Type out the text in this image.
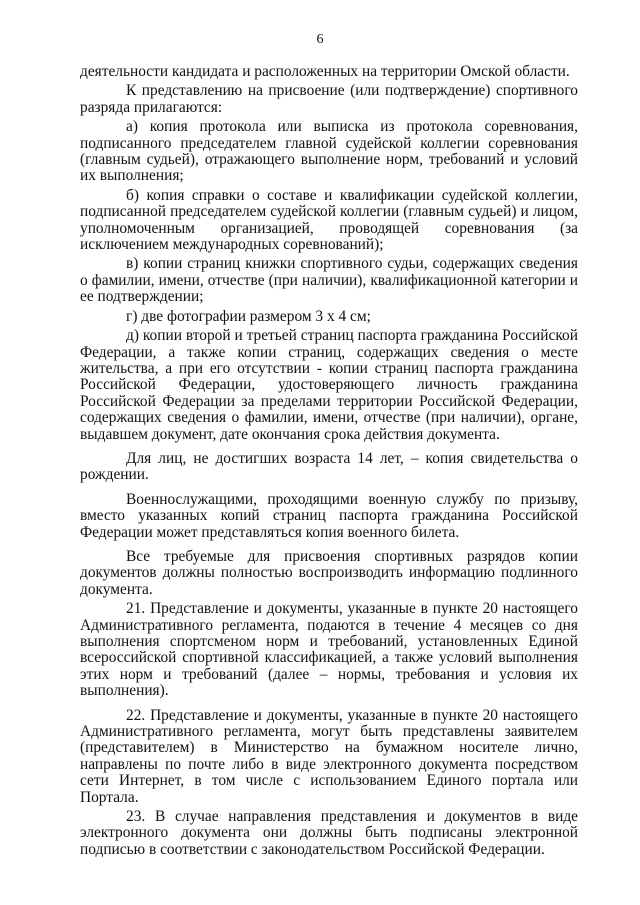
6

деятельности кандидата и расположенных на территории Омской области.

К представлению на присвоение (или подтверждение) спортивного разряда прилагаются:

а) копия протокола или выписка из протокола соревнования, подписанного председателем главной судейской коллегии соревнования (главным судьей), отражающего выполнение норм, требований и условий их выполнения;

б) копия справки о составе и квалификации судейской коллегии, подписанной председателем судейской коллегии (главным судьей) и лицом, уполномоченным организацией, проводящей соревнования (за исключением международных соревнований);

в) копии страниц книжки спортивного судьи, содержащих сведения о фамилии, имени, отчестве (при наличии), квалификационной категории и ее подтверждении;

г) две фотографии размером 3 х 4 см;

д) копии второй и третьей страниц паспорта гражданина Российской Федерации, а также копии страниц, содержащих сведения о месте жительства, а при его отсутствии - копии страниц паспорта гражданина Российской Федерации, удостоверяющего личность гражданина Российской Федерации за пределами территории Российской Федерации, содержащих сведения о фамилии, имени, отчестве (при наличии), органе, выдавшем документ, дате окончания срока действия документа.

Для лиц, не достигших возраста 14 лет, – копия свидетельства о рождении.

Военнослужащими, проходящими военную службу по призыву, вместо указанных копий страниц паспорта гражданина Российской Федерации может представляться копия военного билета.

Все требуемые для присвоения спортивных разрядов копии документов должны полностью воспроизводить информацию подлинного документа.

21. Представление и документы, указанные в пункте 20 настоящего Административного регламента, подаются в течение 4 месяцев со дня выполнения спортсменом норм и требований, установленных Единой всероссийской спортивной классификацией, а также условий выполнения этих норм и требований (далее – нормы, требования и условия их выполнения).

22. Представление и документы, указанные в пункте 20 настоящего Административного регламента, могут быть представлены заявителем (представителем) в Министерство на бумажном носителе лично, направлены по почте либо в виде электронного документа посредством сети Интернет, в том числе с использованием Единого портала или Портала.

23. В случае направления представления и документов в виде электронного документа они должны быть подписаны электронной подписью в соответствии с законодательством Российской Федерации.
